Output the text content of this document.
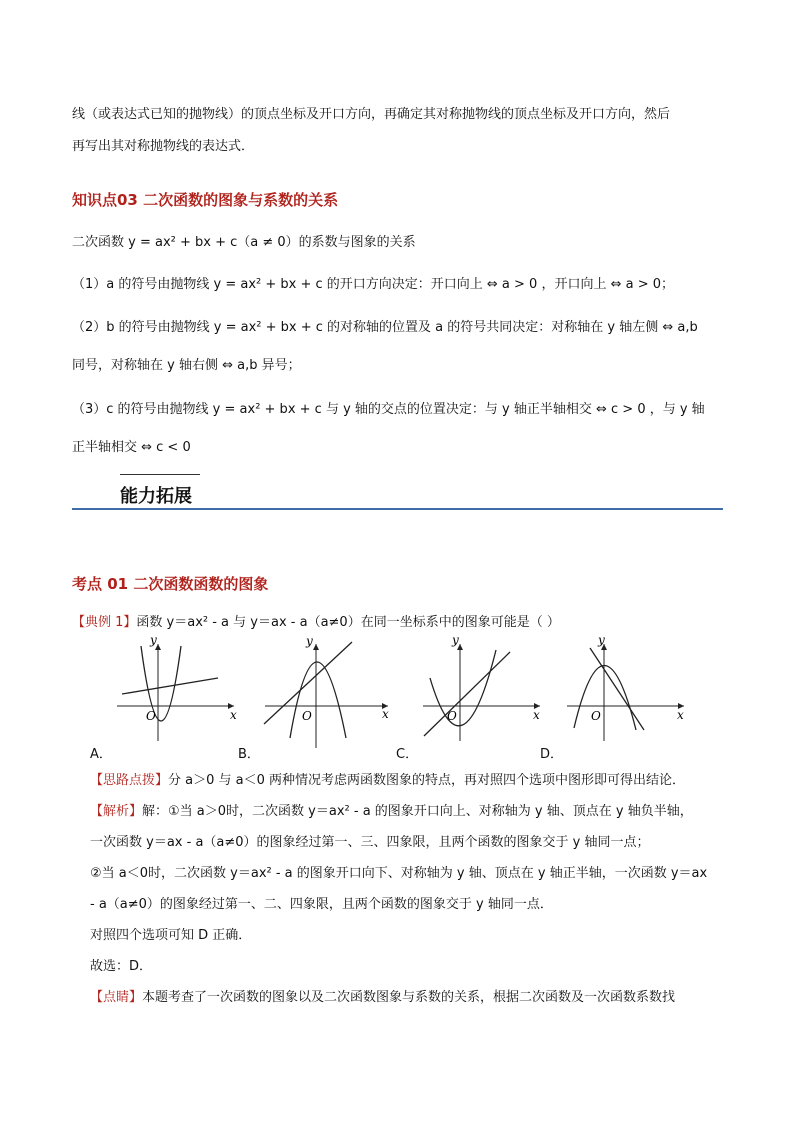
线（或表达式已知的抛物线）的顶点坐标及开口方向，再确定其对称抛物线的顶点坐标及开口方向，然后
再写出其对称抛物线的表达式．
知识点03 二次函数的图象与系数的关系
二次函数 y = ax² + bx + c（a ≠ 0）的系数与图象的关系
（1）a 的符号由抛物线 y = ax² + bx + c 的开口方向决定：开口向上 ⇔ a > 0 ，开口向上 ⇔ a > 0；
（2）b 的符号由抛物线 y = ax² + bx + c 的对称轴的位置及 a 的符号共同决定：对称轴在 y 轴左侧 ⇔ a,b
同号，对称轴在 y 轴右侧 ⇔ a,b 异号；
（3）c 的符号由抛物线 y = ax² + bx + c 与 y 轴的交点的位置决定：与 y 轴正半轴相交 ⇔ c > 0 ，与 y 轴
正半轴相交 ⇔ c < 0
能力拓展
考点 01 二次函数函数的图象
【典例 1】函数 y＝ax² - a 与 y＝ax - a（a≠0）在同一坐标系中的图象可能是（ ）
y
x
O
A．
y
x
O
B．
y
x
O
C．
y
x
O
D．
【思路点拨】分 a＞0 与 a＜0 两种情况考虑两函数图象的特点，再对照四个选项中图形即可得出结论．
【解析】解：①当 a＞0时，二次函数 y＝ax² - a 的图象开口向上、对称轴为 y 轴、顶点在 y 轴负半轴，
一次函数 y＝ax - a（a≠0）的图象经过第一、三、四象限，且两个函数的图象交于 y 轴同一点；
②当 a＜0时，二次函数 y＝ax² - a 的图象开口向下、对称轴为 y 轴、顶点在 y 轴正半轴，一次函数 y＝ax
- a（a≠0）的图象经过第一、二、四象限，且两个函数的图象交于 y 轴同一点．
对照四个选项可知 D 正确．
故选：D．
【点睛】本题考查了一次函数的图象以及二次函数图象与系数的关系，根据二次函数及一次函数系数找
